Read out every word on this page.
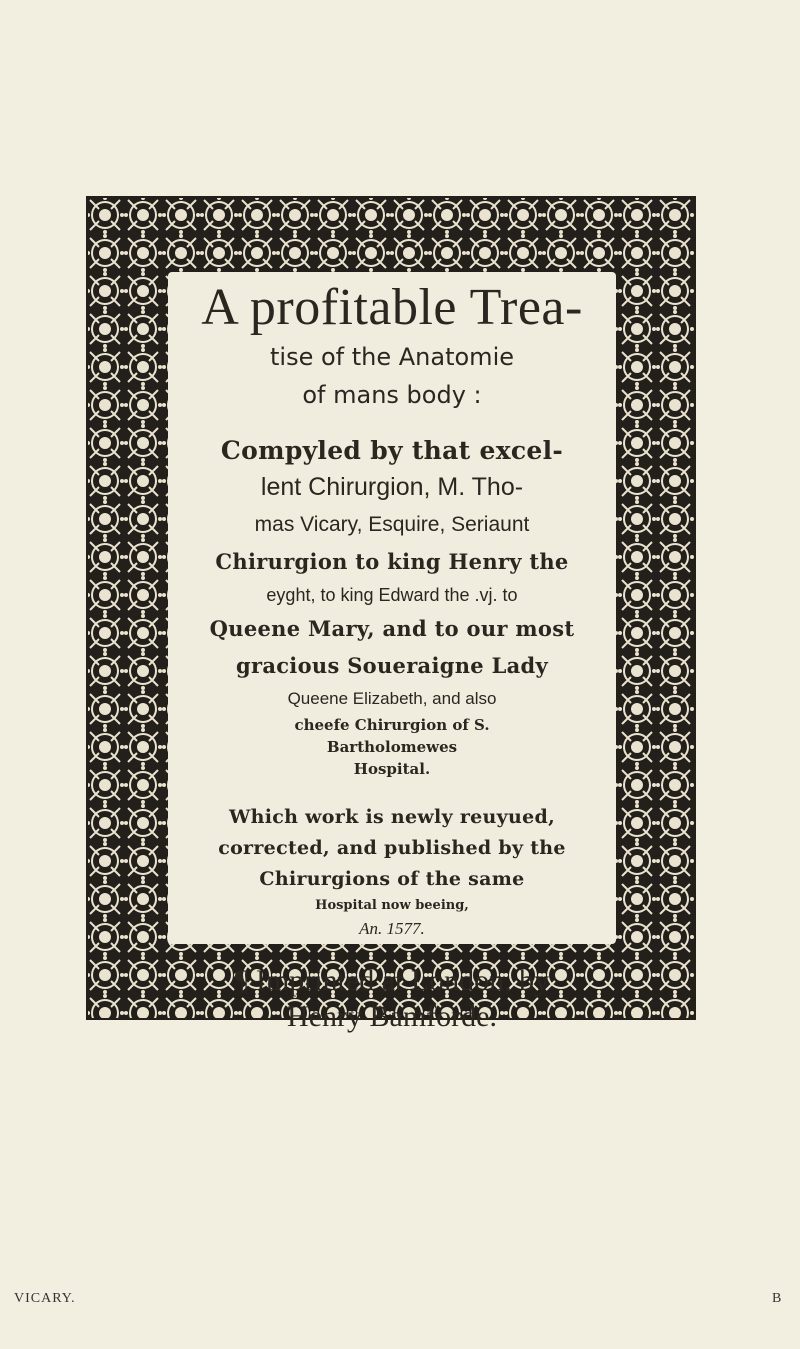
A profitable Trea-
tise of the Anatomie
of mans body :
Compyled by that excel-
lent Chirurgion, M. Tho-
mas Vicary, Esquire, Seriaunt
Chirurgion to king Henry the
eyght, to king Edward the .vj. to
Queene Mary, and to our most
gracious Soueraigne Lady
Queene Elizabeth, and also
cheefe Chirurgion of S.
Bartholomewes
Hospital.
Which work is newly reuyued,
corrected, and published by the
Chirurgions of the same
Hospital now beeing,
An. 1577.
¶ Imprinted at London, by
Henry Bamforde.
VICARY.	B
